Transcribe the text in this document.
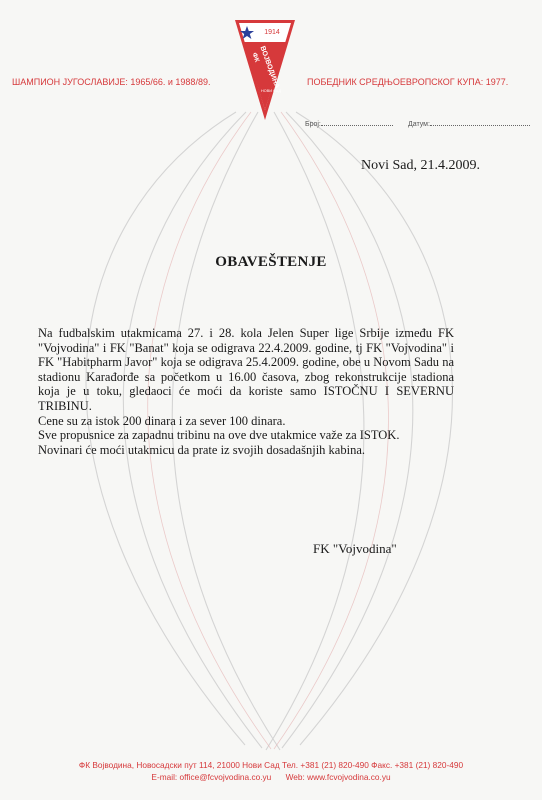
1914
ФК
ВОЈВОДИНА
НОВИ САД
ШАМПИОН ЈУГОСЛАВИЈЕ: 1965/66. и 1988/89.	ПОБЕДНИК СРЕДЊОЕВРОПСКОГ КУПА: 1977.
Број:	Датум:
Novi Sad, 21.4.2009.
OBAVEŠTENJE

Na fudbalskim utakmicama 27. i 28. kola Jelen Super lige Srbije između FK "Vojvodina" i FK "Banat" koja se odigrava 22.4.2009. godine, tj FK "Vojvodina" i FK "Habitpharm Javor" koja se odigrava 25.4.2009. godine, obe u Novom Sadu na stadionu Karađorđe sa početkom u 16.00 časova, zbog rekonstrukcije stadiona koja je u toku, gledaoci će moći da koriste samo ISTOČNU I SEVERNU TRIBINU.

Cene su za istok 200 dinara i za sever 100 dinara.

Sve propusnice za zapadnu tribinu na ove dve utakmice važe za ISTOK.

Novinari će moći utakmicu da prate iz svojih dosadašnjih kabina.

FK "Vojvodina"
ФК Војводина, Новосадски пут 114, 21000 Нови Сад Тел. +381 (21) 820-490 Факс. +381 (21) 820-490
E-mail: office@fcvojvodina.co.yu Web: www.fcvojvodina.co.yu
